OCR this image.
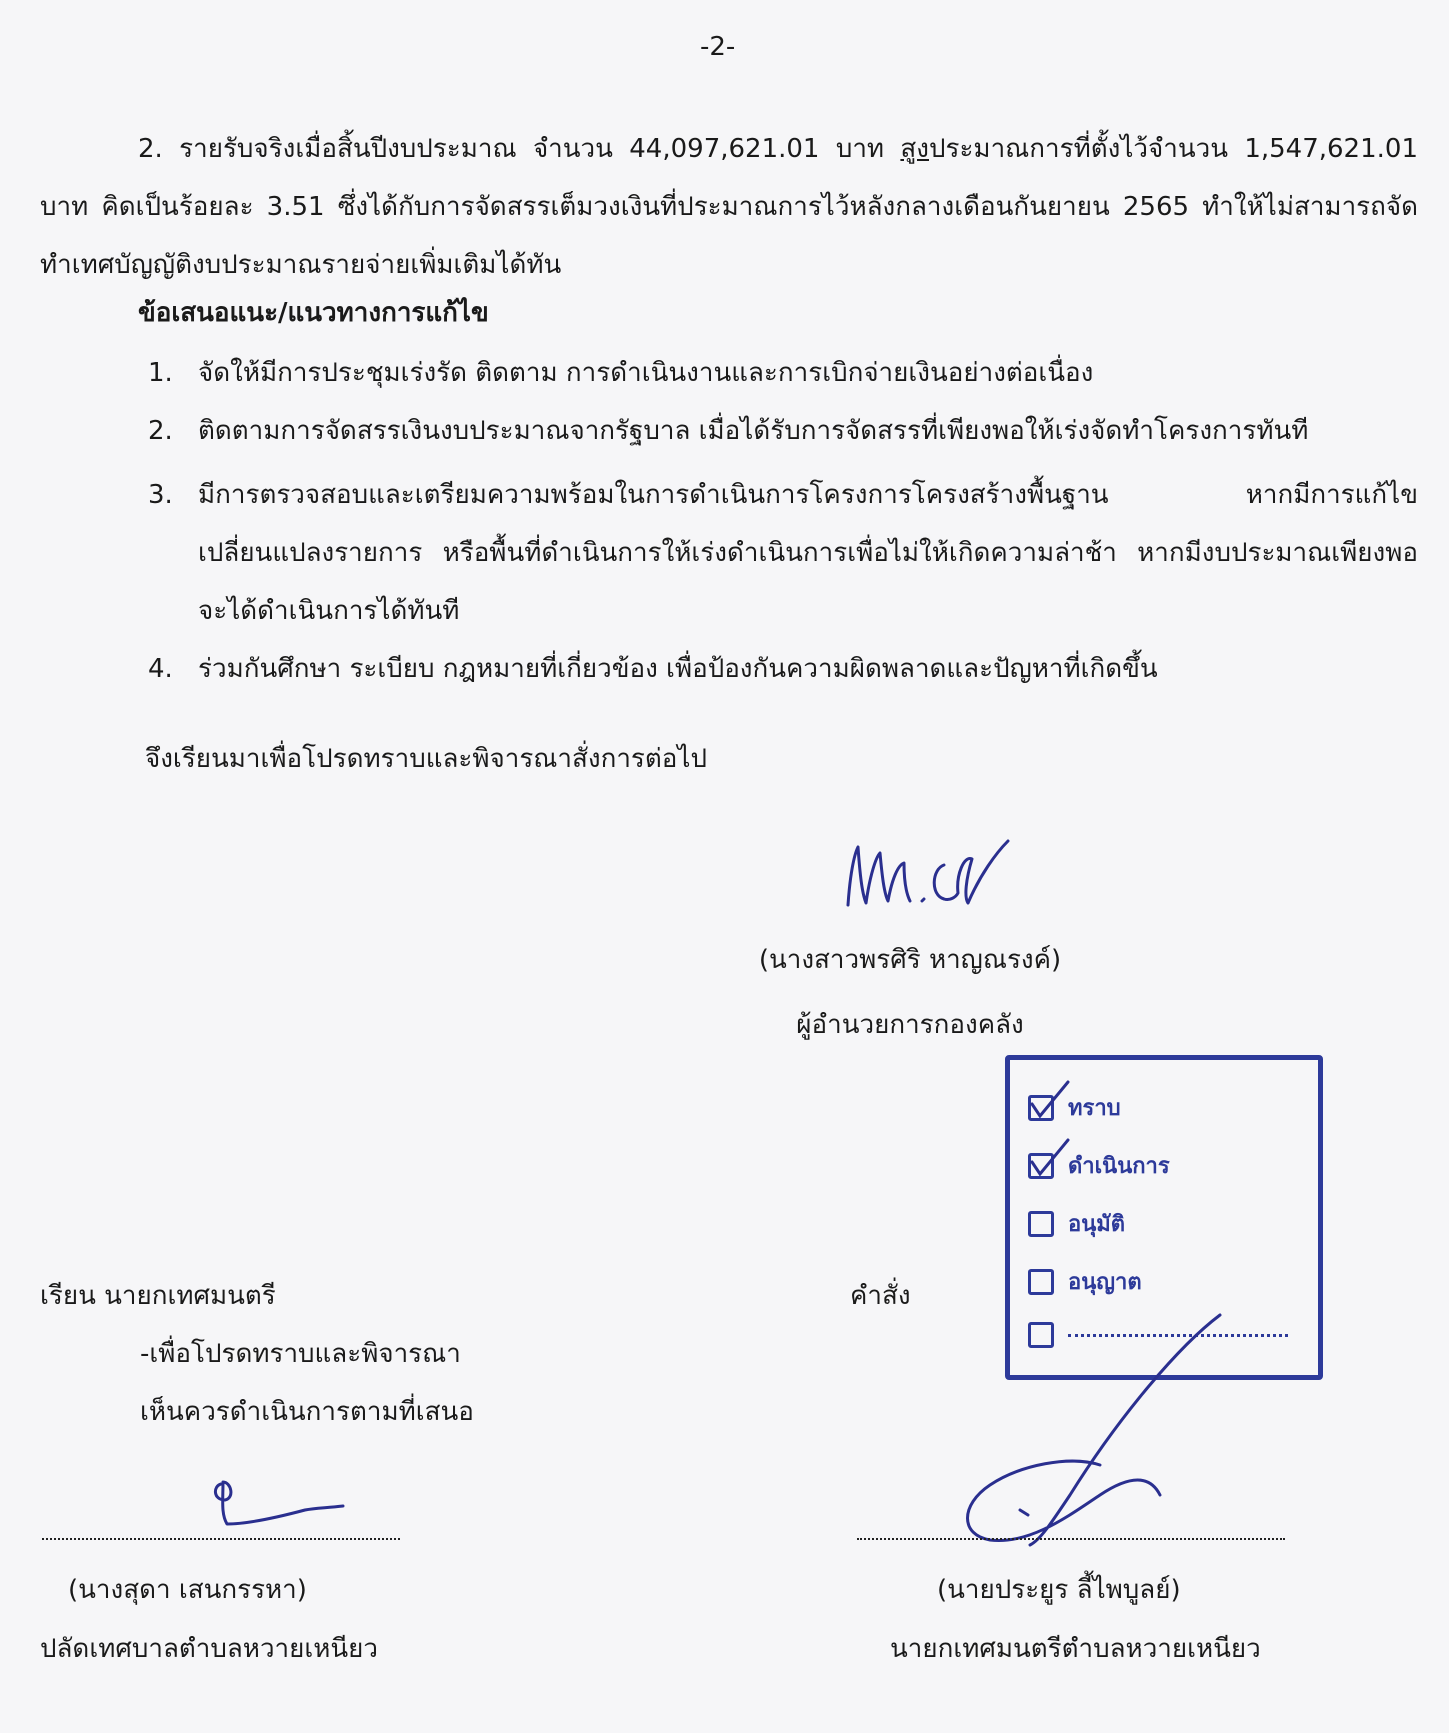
-2-
2. รายรับจริงเมื่อสิ้นปีงบประมาณ จำนวน 44,097,621.01 บาท สูงประมาณการที่ตั้งไว้จำนวน 1,547,621.01 บาท คิดเป็นร้อยละ 3.51 ซึ่งได้กับการจัดสรรเต็มวงเงินที่ประมาณการไว้หลังกลางเดือนกันยายน 2565 ทำให้ไม่สามารถจัดทำเทศบัญญัติงบประมาณรายจ่ายเพิ่มเติมได้ทัน
ข้อเสนอแนะ/แนวทางการแก้ไข
1. จัดให้มีการประชุมเร่งรัด ติดตาม การดำเนินงานและการเบิกจ่ายเงินอย่างต่อเนื่อง
2. ติดตามการจัดสรรเงินงบประมาณจากรัฐบาล เมื่อได้รับการจัดสรรที่เพียงพอให้เร่งจัดทำโครงการทันที
3. มีการตรวจสอบและเตรียมความพร้อมในการดำเนินการโครงการโครงสร้างพื้นฐาน หากมีการแก้ไขเปลี่ยนแปลงรายการ หรือพื้นที่ดำเนินการให้เร่งดำเนินการเพื่อไม่ให้เกิดความล่าช้า หากมีงบประมาณเพียงพอจะได้ดำเนินการได้ทันที
4. ร่วมกันศึกษา ระเบียบ กฎหมายที่เกี่ยวข้อง เพื่อป้องกันความผิดพลาดและปัญหาที่เกิดขึ้น
จึงเรียนมาเพื่อโปรดทราบและพิจารณาสั่งการต่อไป
(นางสาวพรศิริ หาญณรงค์)
ผู้อำนวยการกองคลัง
เรียน นายกเทศมนตรี
-เพื่อโปรดทราบและพิจารณา
เห็นควรดำเนินการตามที่เสนอ
คำสั่ง
ทราบ
ดำเนินการ
อนุมัติ
อนุญาต
(นางสุดา เสนกรรหา)
ปลัดเทศบาลตำบลหวายเหนียว
(นายประยูร ลี้ไพบูลย์)
นายกเทศมนตรีตำบลหวายเหนียว
